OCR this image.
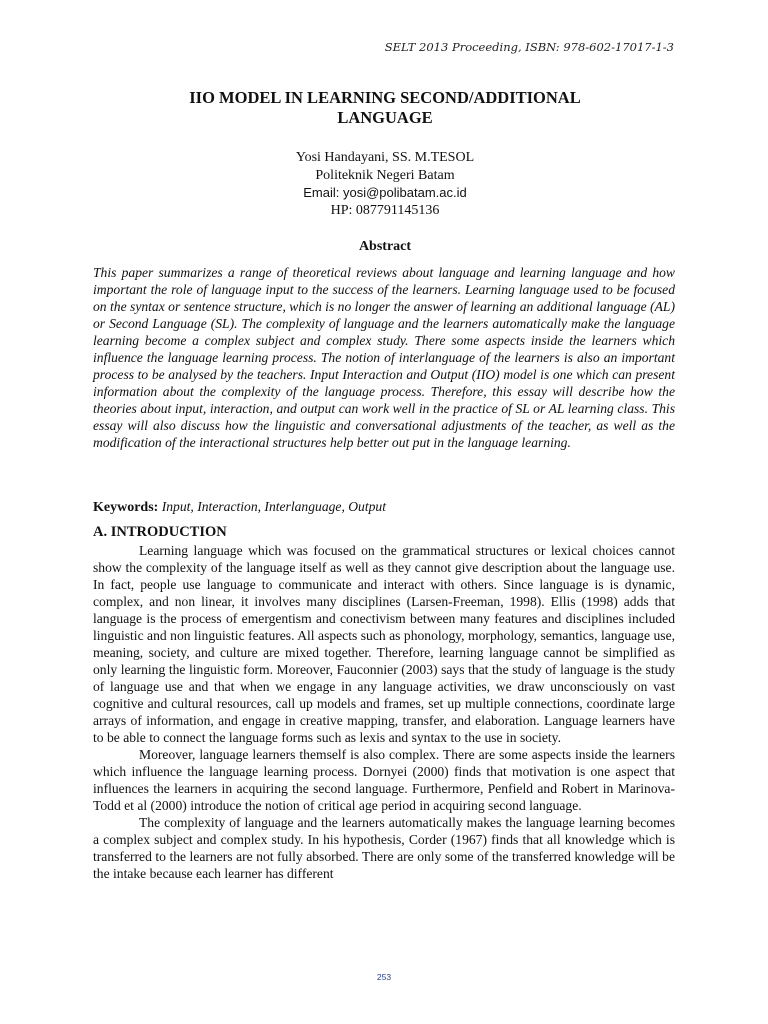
SELT 2013 Proceeding, ISBN: 978-602-17017-1-3
IIO MODEL IN LEARNING SECOND/ADDITIONAL
LANGUAGE
Yosi Handayani, SS. M.TESOL
Politeknik Negeri Batam
Email: yosi@polibatam.ac.id
HP: 087791145136
Abstract

This paper summarizes a range of theoretical reviews about language and learning language and how important the role of language input to the success of the learners. Learning language used to be focused on the syntax or sentence structure, which is no longer the answer of learning an additional language (AL) or Second Language (SL). The complexity of language and the learners automatically make the language learning become a complex subject and complex study. There some aspects inside the learners which influence the language learning process. The notion of interlanguage of the learners is also an important process to be analysed by the teachers. Input Interaction and Output (IIO) model is one which can present information about the complexity of the language process. Therefore, this essay will describe how the theories about input, interaction, and output can work well in the practice of SL or AL learning class. This essay will also discuss how the linguistic and conversational adjustments of the teacher, as well as the modification of the interactional structures help better out put in the language learning.

Keywords: Input, Interaction, Interlanguage, Output

A. INTRODUCTION

Learning language which was focused on the grammatical structures or lexical choices cannot show the complexity of the language itself as well as they cannot give description about the language use. In fact, people use language to communicate and interact with others. Since language is is dynamic, complex, and non linear, it involves many disciplines (Larsen-Freeman, 1998). Ellis (1998) adds that language is the process of emergentism and conectivism between many features and disciplines included linguistic and non linguistic features. All aspects such as phonology, morphology, semantics, language use, meaning, society, and culture are mixed together. Therefore, learning language cannot be simplified as only learning the linguistic form. Moreover, Fauconnier (2003) says that the study of language is the study of language use and that when we engage in any language activities, we draw unconsciously on vast cognitive and cultural resources, call up models and frames, set up multiple connections, coordinate large arrays of information, and engage in creative mapping, transfer, and elaboration. Language learners have to be able to connect the language forms such as lexis and syntax to the use in society.

Moreover, language learners themself is also complex. There are some aspects inside the learners which influence the language learning process. Dornyei (2000) finds that motivation is one aspect that influences the learners in acquiring the second language. Furthermore, Penfield and Robert in Marinova-Todd et al (2000) introduce the notion of critical age period in acquiring second language.

The complexity of language and the learners automatically makes the language learning becomes a complex subject and complex study. In his hypothesis, Corder (1967) finds that all knowledge which is transferred to the learners are not fully absorbed. There are only some of the transferred knowledge will be the intake because each learner has different

253
